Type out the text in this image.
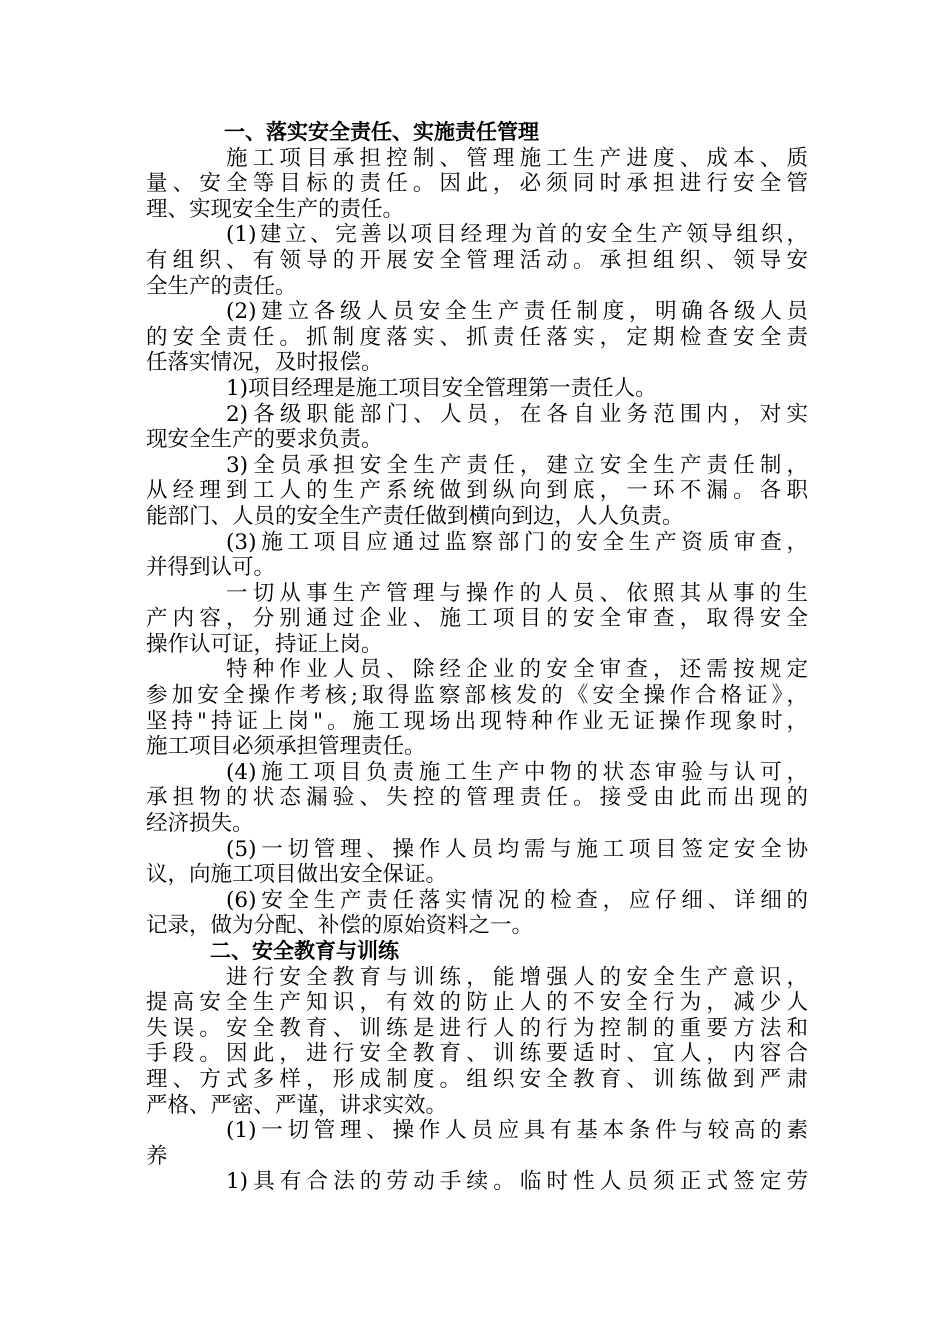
一、落实安全责任、实施责任管理
施工项目承担控制、管理施工生产进度、成本、质
量、安全等目标的责任。因此，必须同时承担进行安全管
理、实现安全生产的责任。
(1)建立、完善以项目经理为首的安全生产领导组织，
有组织、有领导的开展安全管理活动。承担组织、领导安
全生产的责任。
(2)建立各级人员安全生产责任制度，明确各级人员
的安全责任。抓制度落实、抓责任落实，定期检查安全责
任落实情况，及时报偿。
1)项目经理是施工项目安全管理第一责任人。
2)各级职能部门、人员，在各自业务范围内，对实
现安全生产的要求负责。
3)全员承担安全生产责任，建立安全生产责任制，
从经理到工人的生产系统做到纵向到底，一环不漏。各职
能部门、人员的安全生产责任做到横向到边，人人负责。
(3)施工项目应通过监察部门的安全生产资质审查，
并得到认可。
一切从事生产管理与操作的人员、依照其从事的生
产内容，分别通过企业、施工项目的安全审查，取得安全
操作认可证，持证上岗。
特种作业人员、除经企业的安全审查，还需按规定
参加安全操作考核;取得监察部核发的《安全操作合格证》，
坚持"持证上岗"。施工现场出现特种作业无证操作现象时，
施工项目必须承担管理责任。
(4)施工项目负责施工生产中物的状态审验与认可，
承担物的状态漏验、失控的管理责任。接受由此而出现的
经济损失。
(5)一切管理、操作人员均需与施工项目签定安全协
议，向施工项目做出安全保证。
(6)安全生产责任落实情况的检查，应仔细、详细的
记录，做为分配、补偿的原始资料之一。
二、安全教育与训练
进行安全教育与训练，能增强人的安全生产意识，
提高安全生产知识，有效的防止人的不安全行为，减少人
失误。安全教育、训练是进行人的行为控制的重要方法和
手段。因此，进行安全教育、训练要适时、宜人，内容合
理、方式多样，形成制度。组织安全教育、训练做到严肃
严格、严密、严谨，讲求实效。
(1)一切管理、操作人员应具有基本条件与较高的素
养
1)具有合法的劳动手续。临时性人员须正式签定劳
